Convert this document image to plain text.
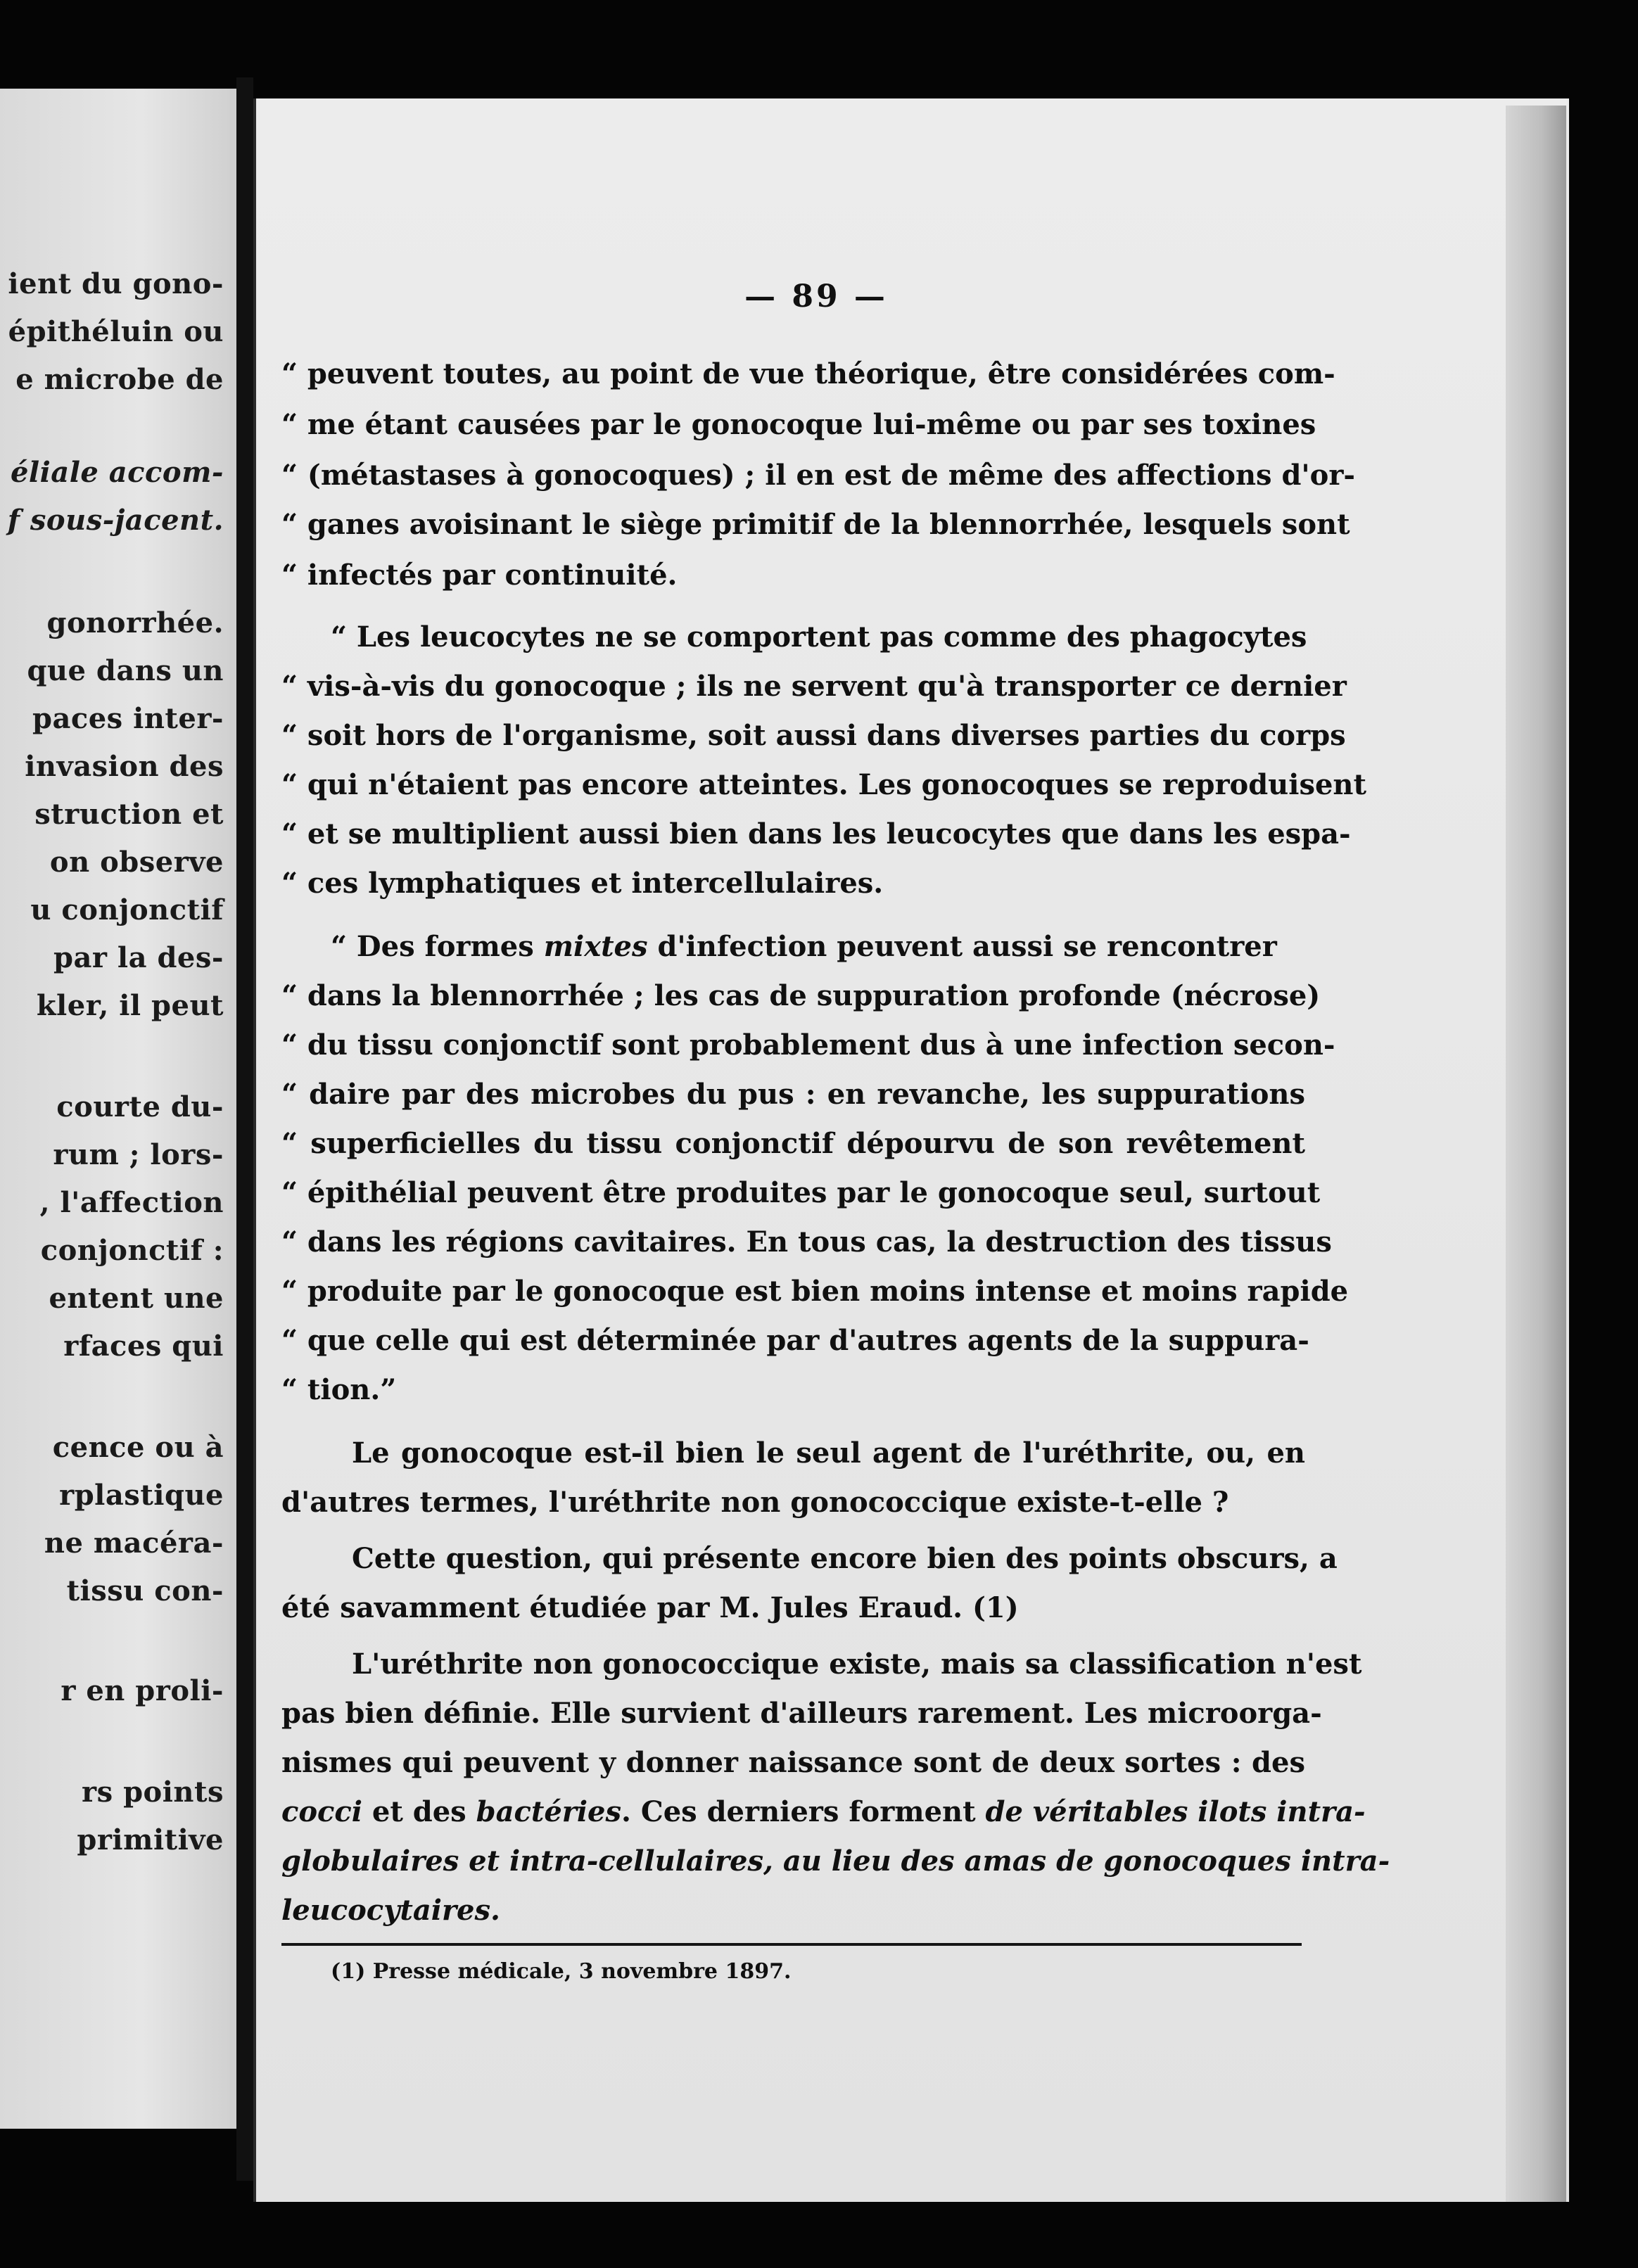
ient du gono-
épithéluin ou
e microbe de
éliale accom-
f sous-jacent.
gonorrhée.
que dans un
paces inter-
invasion des
struction et
on observe
u conjonctif
par la des-
kler, il peut
courte du-
rum ; lors-
, l'affection
conjonctif :
entent une
rfaces qui
cence ou à
rplastique
ne macéra-
tissu con-
r en proli-
rs points
primitive
— 89 —
“ peuvent toutes, au point de vue théorique, être considérées com-
“ me étant causées par le gonocoque lui-même ou par ses toxines
“ (métastases à gonocoques) ; il en est de même des affections d'or-
“ ganes avoisinant le siège primitif de la blennorrhée, lesquels sont
“ infectés par continuité.
“ Les leucocytes ne se comportent pas comme des phagocytes
“ vis-à-vis du gonocoque ; ils ne servent qu'à transporter ce dernier
“ soit hors de l'organisme, soit aussi dans diverses parties du corps
“ qui n'étaient pas encore atteintes. Les gonocoques se reproduisent
“ et se multiplient aussi bien dans les leucocytes que dans les espa-
“ ces lymphatiques et intercellulaires.
“ Des formes mixtes d'infection peuvent aussi se rencontrer
“ dans la blennorrhée ; les cas de suppuration profonde (nécrose)
“ du tissu conjonctif sont probablement dus à une infection secon-
“ daire par des microbes du pus : en revanche, les suppurations
“ superficielles du tissu conjonctif dépourvu de son revêtement
“ épithélial peuvent être produites par le gonocoque seul, surtout
“ dans les régions cavitaires. En tous cas, la destruction des tissus
“ produite par le gonocoque est bien moins intense et moins rapide
“ que celle qui est déterminée par d'autres agents de la suppura-
“ tion.”
Le gonocoque est-il bien le seul agent de l'uréthrite, ou, en
d'autres termes, l'uréthrite non gonococcique existe-t-elle ?
Cette question, qui présente encore bien des points obscurs, a
été savamment étudiée par M. Jules Eraud. (1)
L'uréthrite non gonococcique existe, mais sa classification n'est
pas bien définie. Elle survient d'ailleurs rarement. Les microorga-
nismes qui peuvent y donner naissance sont de deux sortes : des
cocci et des bactéries. Ces derniers forment de véritables ilots intra-
globulaires et intra-cellulaires, au lieu des amas de gonocoques intra-
leucocytaires.
(1) Presse médicale, 3 novembre 1897.
